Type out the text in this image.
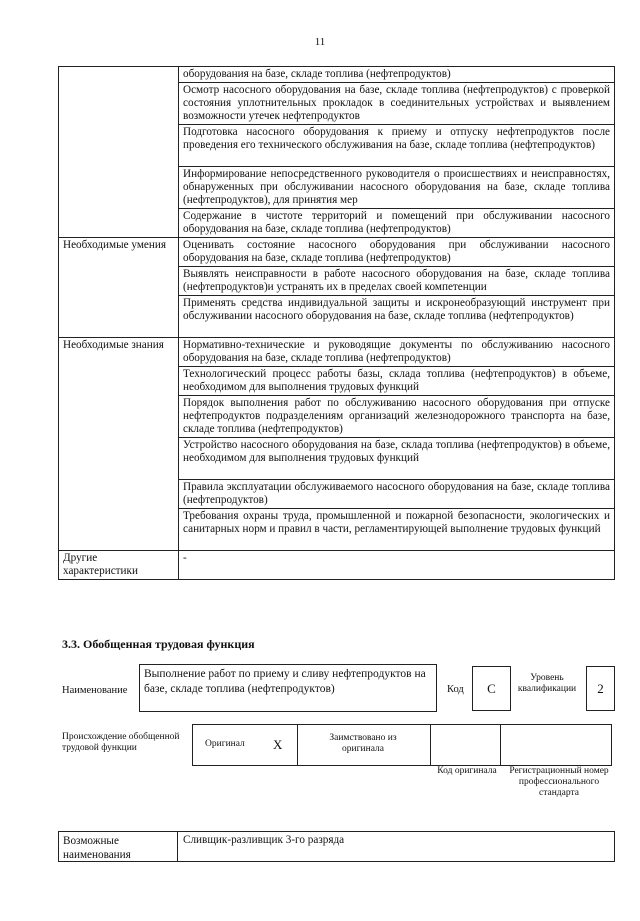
11
	оборудования на базе, складе топлива (нефтепродуктов)
	Осмотр насосного оборудования на базе, складе топлива (нефтепродуктов) с проверкой состояния уплотнительных прокладок в соединительных устройствах и выявлением возможности утечек нефтепродуктов
	Подготовка насосного оборудования к приему и отпуску нефтепродуктов после проведения его технического обслуживания на базе, складе топлива (нефтепродуктов)
	Информирование непосредственного руководителя о происшествиях и неисправностях, обнаруженных при обслуживании насосного оборудования на базе, складе топлива (нефтепродуктов), для принятия мер
	Содержание в чистоте территорий и помещений при обслуживании насосного оборудования на базе, складе топлива (нефтепродуктов)
Необходимые умения	Оценивать состояние насосного оборудования при обслуживании насосного оборудования на базе, складе топлива (нефтепродуктов)
	Выявлять неисправности в работе насосного оборудования на базе, складе топлива (нефтепродуктов)и устранять их в пределах своей компетенции
	Применять средства индивидуальной защиты и искронеобразующий инструмент при обслуживании насосного оборудования на базе, складе топлива (нефтепродуктов)
Необходимые знания	Нормативно-технические и руководящие документы по обслуживанию насосного оборудования на базе, складе топлива (нефтепродуктов)
	Технологический процесс работы базы, склада топлива (нефтепродуктов) в объеме, необходимом для выполнения трудовых функций
	Порядок выполнения работ по обслуживанию насосного оборудования при отпуске нефтепродуктов подразделениям организаций железнодорожного транспорта на базе, складе топлива (нефтепродуктов)
	Устройство насосного оборудования на базе, склада топлива (нефтепродуктов) в объеме, необходимом для выполнения трудовых функций
	Правила эксплуатации обслуживаемого насосного оборудования на базе, складе топлива (нефтепродуктов)
	Требования охраны труда, промышленной и пожарной безопасности, экологических и санитарных норм и правил в части, регламентирующей выполнение трудовых функций
Другие характеристики	-
3.3. Обобщенная трудовая функция
Наименование
Выполнение работ по приему и сливу нефтепродуктов на базе, складе топлива (нефтепродуктов)	Код	С
Уровень квалификации	2
Происхождение обобщенной трудовой функции	Оригинал Х	Заимствовано из оригинала
Код оригинала	Регистрационный номер профессионального стандарта
Возможные наименования
Сливщик-разливщик 3-го разряда
